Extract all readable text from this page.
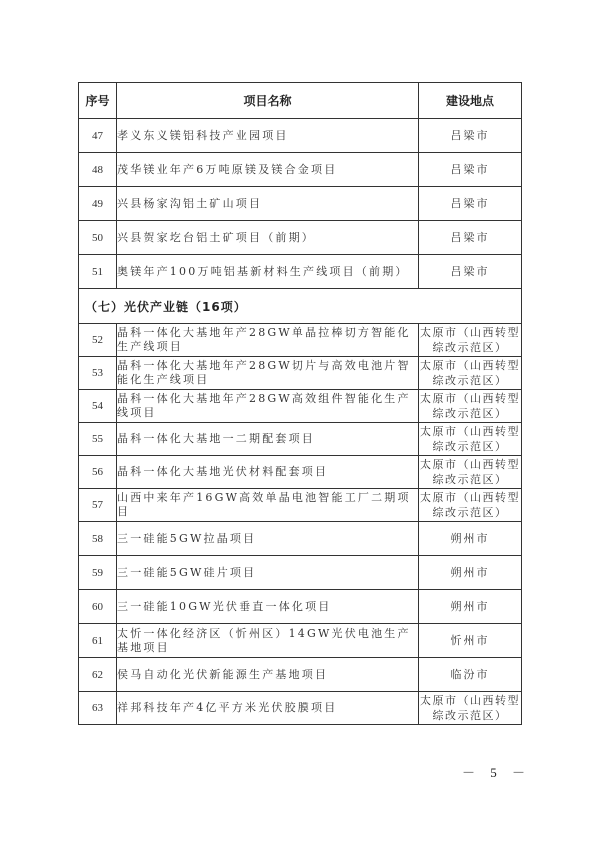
序号	项目名称	建设地点
47	孝义东义镁铝科技产业园项目	吕梁市
48	茂华镁业年产6万吨原镁及镁合金项目	吕梁市
49	兴县杨家沟铝土矿山项目	吕梁市
50	兴县贺家圪台铝土矿项目（前期）	吕梁市
51	奥镁年产100万吨铝基新材料生产线项目（前期）	吕梁市
（七）光伏产业链（16项）		
52	晶科一体化大基地年产28GW单晶拉棒切方智能化生产线项目	太原市（山西转型
综改示范区）

53	晶科一体化大基地年产28GW切片与高效电池片智能化生产线项目	太原市（山西转型
综改示范区）

54	晶科一体化大基地年产28GW高效组件智能化生产线项目	太原市（山西转型
综改示范区）

55	晶科一体化大基地一二期配套项目	太原市（山西转型
综改示范区）

56	晶科一体化大基地光伏材料配套项目	太原市（山西转型
综改示范区）

57	山西中来年产16GW高效单晶电池智能工厂二期项目	太原市（山西转型
综改示范区）

58	三一硅能5GW拉晶项目	朔州市
59	三一硅能5GW硅片项目	朔州市
60	三一硅能10GW光伏垂直一体化项目	朔州市
61	太忻一体化经济区（忻州区）14GW光伏电池生产基地项目	忻州市
62	侯马自动化光伏新能源生产基地项目	临汾市
63	祥邦科技年产4亿平方米光伏胶膜项目	太原市（山西转型
综改示范区）
－ 5 －
